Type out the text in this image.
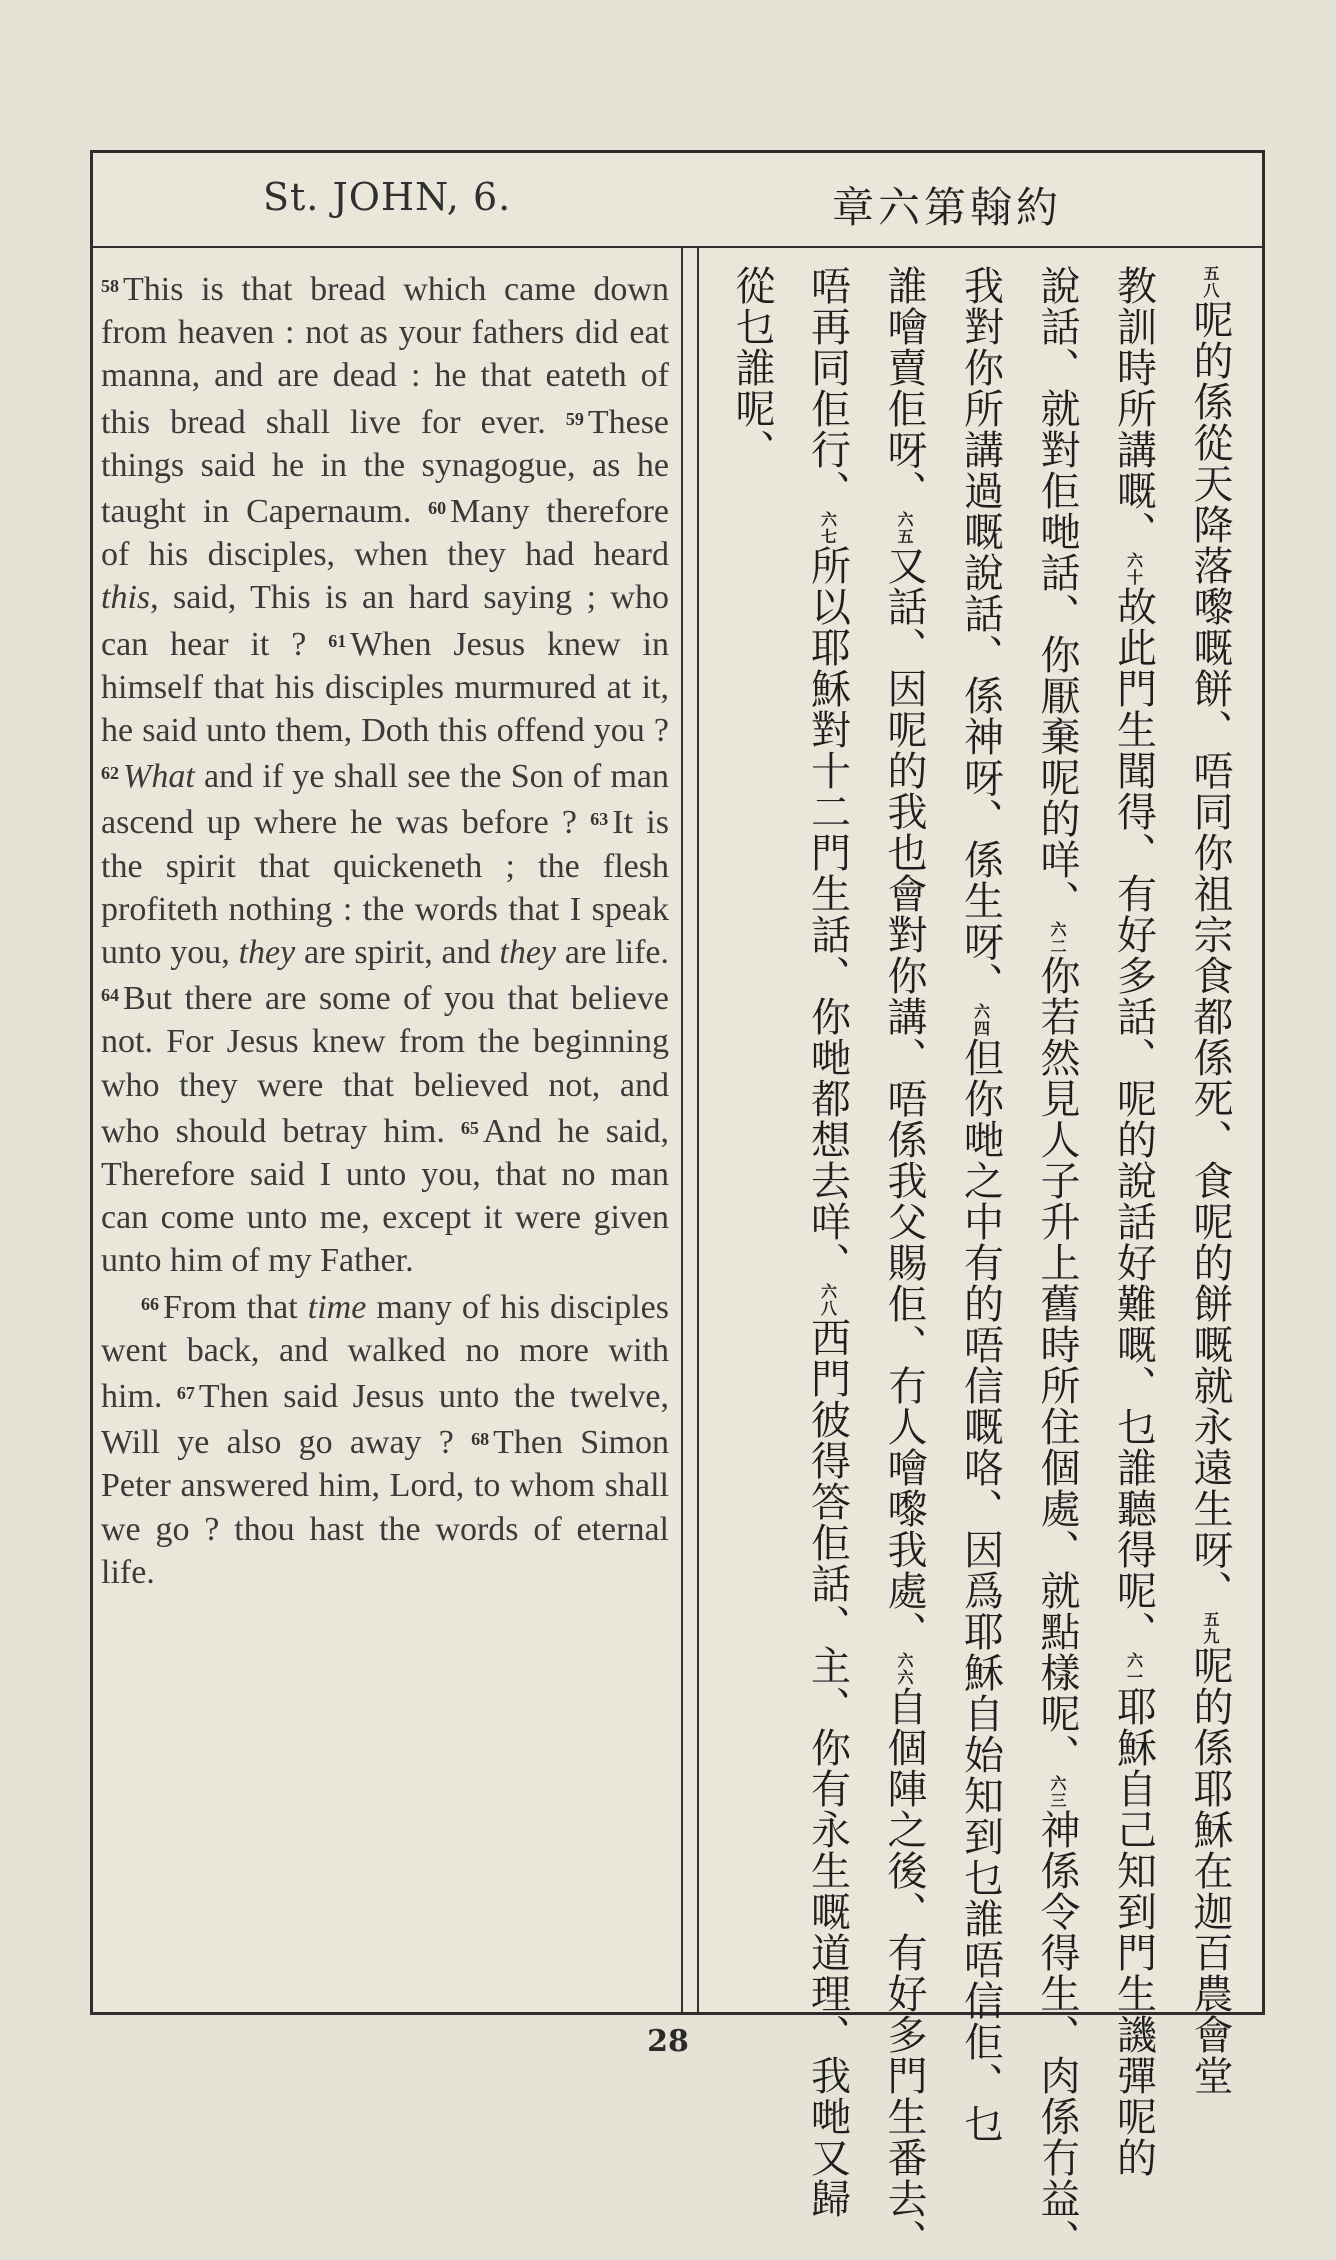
St. JOHN, 6.	約翰第六章

$^{58}$ This is that bread which came down from heaven : not as your fathers did eat manna, and are dead : he that eateth of this bread shall live for ever. $^{59}$ These things said he in the synagogue, as he taught in Capernaum. $^{60}$ Many therefore of his disciples, when they had heard this, said, This is an hard saying ; who can hear it ? $^{61}$ When Jesus knew in himself that his disciples murmured at it, he said unto them, Doth this offend you ? $^{62}$ What and if ye shall see the Son of man ascend up where he was before ? $^{63}$ It is the spirit that quickeneth ; the flesh profiteth nothing : the words that I speak unto you, they are spirit, and they are life. $^{64}$ But there are some of you that believe not. For Jesus knew from the beginning who they were that believed not, and who should betray him. $^{65}$ And he said, Therefore said I unto you, that no man can come unto me, except it were given unto him of my Father.

$^{66}$ From that time many of his disciples went back, and walked no more with him. $^{67}$ Then said Jesus unto the twelve, Will ye also go away ? $^{68}$ Then Simon Peter answered him, Lord, to whom shall we go ? thou hast the words of eternal life.

五八呢的係從天降落嚟嘅餅、唔同你祖宗食都係死、食呢的餅嘅就永遠生呀、五九呢的係耶穌在迦百農會堂
教訓時所講嘅、六十故此門生聞得、有好多話、呢的說話好難嘅、乜誰聽得呢、六一耶穌自己知到門生譏彈呢的
說話、就對佢哋話、你厭棄呢的咩、六二你若然見人子升上舊時所住個處、就點樣呢、六三神係令得生、肉係冇益、
我對你所講過嘅說話、係神呀、係生呀、六四但你哋之中有的唔信嘅咯、因爲耶穌自始知到乜誰唔信佢、乜
誰噲賣佢呀、六五又話、因呢的我也會對你講、唔係我父賜佢、冇人噲嚟我處、六六自個陣之後、有好多門生番去、
唔再同佢行、六七所以耶穌對十二門生話、你哋都想去咩、六八西門彼得答佢話、主、你有永生嘅道理、我哋又歸
從乜誰呢、
28
